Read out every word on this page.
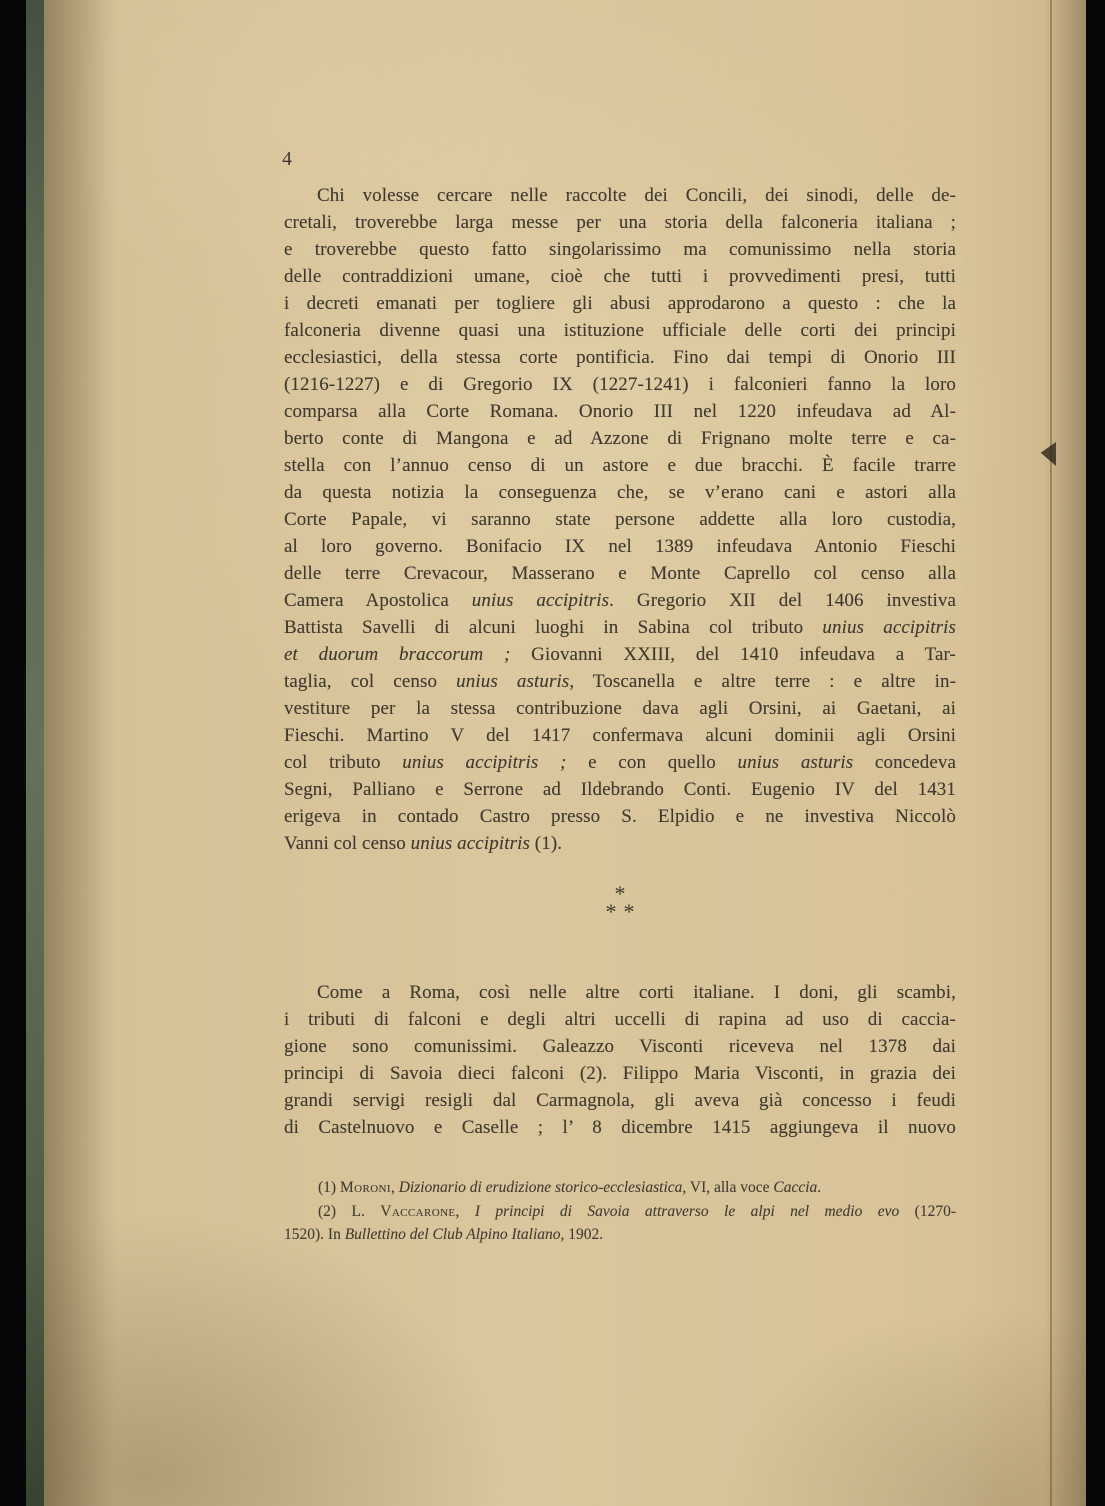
4
Chi volesse cercare nelle raccolte dei Concili, dei sinodi, delle de-
cretali, troverebbe larga messe per una storia della falconeria italiana ;
e troverebbe questo fatto singolarissimo ma comunissimo nella storia
delle contraddizioni umane, cioè che tutti i provvedimenti presi, tutti
i decreti emanati per togliere gli abusi approdarono a questo : che la
falconeria divenne quasi una istituzione ufficiale delle corti dei principi
ecclesiastici, della stessa corte pontificia. Fino dai tempi di Onorio III
(1216-1227) e di Gregorio IX (1227-1241) i falconieri fanno la loro
comparsa alla Corte Romana. Onorio III nel 1220 infeudava ad Al-
berto conte di Mangona e ad Azzone di Frignano molte terre e ca-
stella con l’annuo censo di un astore e due bracchi. È facile trarre
da questa notizia la conseguenza che, se v’erano cani e astori alla
Corte Papale, vi saranno state persone addette alla loro custodia,
al loro governo. Bonifacio IX nel 1389 infeudava Antonio Fieschi
delle terre Crevacour, Masserano e Monte Caprello col censo alla
Camera Apostolica unius accipitris. Gregorio XII del 1406 investiva
Battista Savelli di alcuni luoghi in Sabina col tributo unius accipitris
et duorum braccorum ; Giovanni XXIII, del 1410 infeudava a Tar-
taglia, col censo unius asturis, Toscanella e altre terre : e altre in-
vestiture per la stessa contribuzione dava agli Orsini, ai Gaetani, ai
Fieschi. Martino V del 1417 confermava alcuni dominii agli Orsini
col tributo unius accipitris ; e con quello unius asturis concedeva
Segni, Palliano e Serrone ad Ildebrando Conti. Eugenio IV del 1431
erigeva in contado Castro presso S. Elpidio e ne investiva Niccolò
Vanni col censo unius accipitris (1).
*
**
Come a Roma, così nelle altre corti italiane. I doni, gli scambi,
i tributi di falconi e degli altri uccelli di rapina ad uso di caccia-
gione sono comunissimi. Galeazzo Visconti riceveva nel 1378 dai
principi di Savoia dieci falconi (2). Filippo Maria Visconti, in grazia dei
grandi servigi resigli dal Carmagnola, gli aveva già concesso i feudi
di Castelnuovo e Caselle ; l’ 8 dicembre 1415 aggiungeva il nuovo
(1) Moroni, Dizionario di erudizione storico-ecclesiastica, VI, alla voce Caccia.
(2) L. Vaccarone, I principi di Savoia attraverso le alpi nel medio evo (1270-
1520). In Bullettino del Club Alpino Italiano, 1902.
